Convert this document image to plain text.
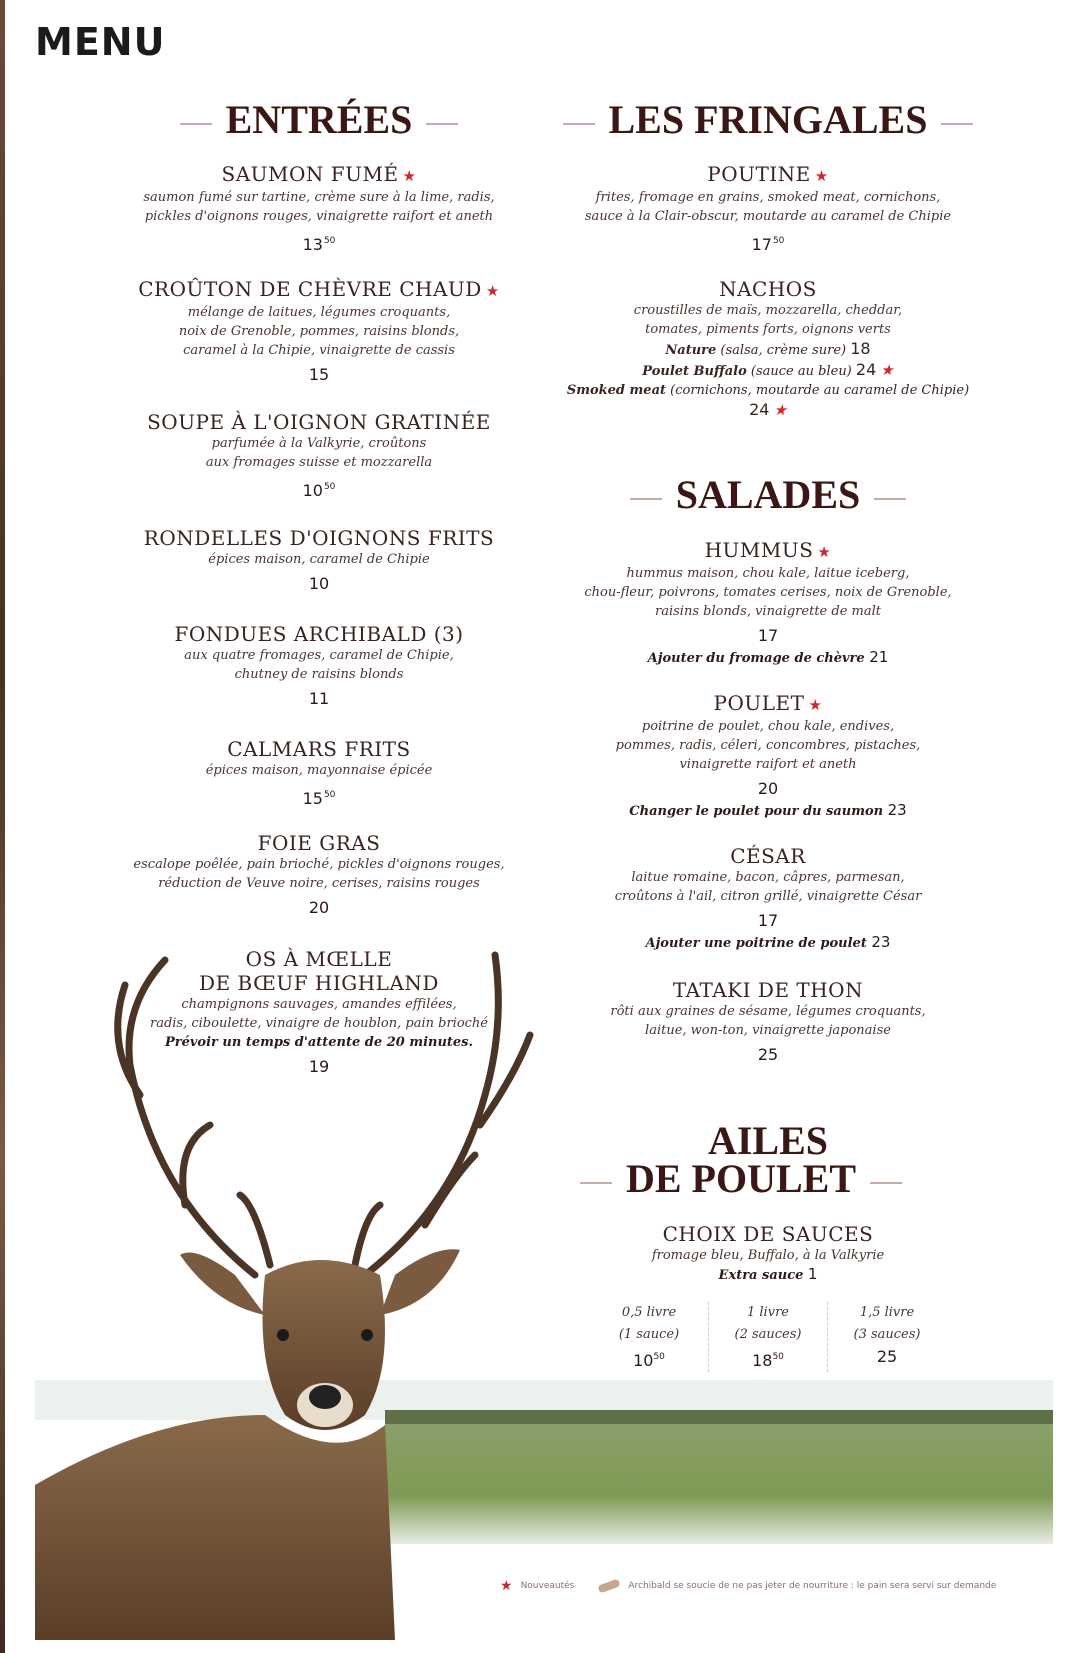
MENU
ENTRÉES
SAUMON FUMÉ ★
saumon fumé sur tartine, crème sure à la lime, radis,
pickles d'oignons rouges, vinaigrette raifort et aneth
$13^{50}$
CROÛTON DE CHÈVRE CHAUD ★
mélange de laitues, légumes croquants,
noix de Grenoble, pommes, raisins blonds,
caramel à la Chipie, vinaigrette de cassis
15
SOUPE À L'OIGNON GRATINÉE
parfumée à la Valkyrie, croûtons
aux fromages suisse et mozzarella
$10^{50}$
RONDELLES D'OIGNONS FRITS
épices maison, caramel de Chipie
10
FONDUES ARCHIBALD (3)
aux quatre fromages, caramel de Chipie,
chutney de raisins blonds
11
CALMARS FRITS
épices maison, mayonnaise épicée
$15^{50}$
FOIE GRAS
escalope poêlée, pain brioché, pickles d'oignons rouges,
réduction de Veuve noire, cerises, raisins rouges
20
OS À MŒLLE
DE BŒUF HIGHLAND
champignons sauvages, amandes effilées,
radis, ciboulette, vinaigre de houblon, pain brioché
Prévoir un temps d'attente de 20 minutes.
19
LES FRINGALES
POUTINE ★
frites, fromage en grains, smoked meat, cornichons,
sauce à la Clair-obscur, moutarde au caramel de Chipie
$17^{50}$
NACHOS
croustilles de maïs, mozzarella, cheddar,
tomates, piments forts, oignons verts
Nature (salsa, crème sure) 18
Poulet Buffalo (sauce au bleu) 24 ★
Smoked meat (cornichons, moutarde au caramel de Chipie) 24 ★
SALADES
HUMMUS ★
hummus maison, chou kale, laitue iceberg,
chou-fleur, poivrons, tomates cerises, noix de Grenoble,
raisins blonds, vinaigrette de malt
17
Ajouter du fromage de chèvre 21
POULET ★
poitrine de poulet, chou kale, endives,
pommes, radis, céleri, concombres, pistaches,
vinaigrette raifort et aneth
20
Changer le poulet pour du saumon 23
CÉSAR
laitue romaine, bacon, câpres, parmesan,
croûtons à l'ail, citron grillé, vinaigrette César
17
Ajouter une poitrine de poulet 23
TATAKI DE THON
rôti aux graines de sésame, légumes croquants,
laitue, won-ton, vinaigrette japonaise
25
AILES
DE POULET
CHOIX DE SAUCES
fromage bleu, Buffalo, à la Valkyrie
Extra sauce 1
0,5 livre
(1 sauce)
$10^{50}$
1 livre
(2 sauces)
$18^{50}$
1,5 livre
(3 sauces)
25
★ Nouveautés	Archibald se soucie de ne pas jeter de nourriture : le pain sera servi sur demande
